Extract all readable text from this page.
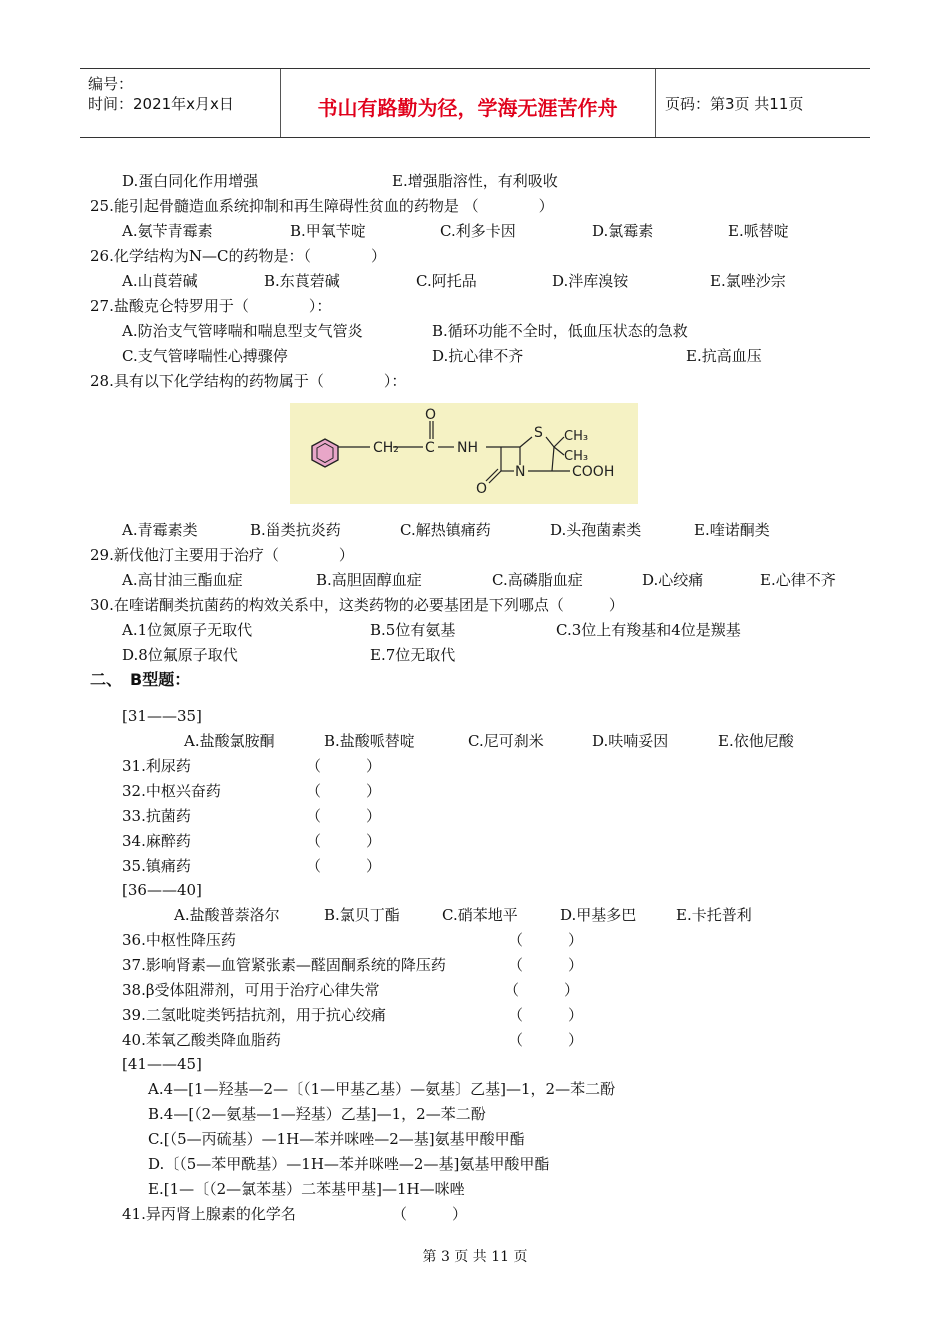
编号：
时间：2021年x月x日	书山有路勤为径，学海无涯苦作舟	页码：第3页 共11页
D.蛋白同化作用增强	E.增强脂溶性，有利吸收
25.能引起骨髓造血系统抑制和再生障碍性贫血的药物是 （　　　　）
A.氨苄青霉素	B.甲氧苄啶	C.利多卡因	D.氯霉素	E.哌替啶
26.化学结构为N—C的药物是：（　　　　）
A.山莨菪碱	B.东莨菪碱	C.阿托品	D.泮库溴铵	E.氯唑沙宗
27.盐酸克仑特罗用于（　　　　）：
A.防治支气管哮喘和喘息型支气管炎	B.循环功能不全时，低血压状态的急救
C.支气管哮喘性心搏骤停	D.抗心律不齐	E.抗高血压
28.具有以下化学结构的药物属于（　　　　）：
CH₂ C
O
NH
S CH₃
CH₃
N
O
COOH
A.青霉素类	B.甾类抗炎药	C.解热镇痛药	D.头孢菌素类	E.喹诺酮类
29.新伐他汀主要用于治疗（　　　　）
A.高甘油三酯血症	B.高胆固醇血症	C.高磷脂血症	D.心绞痛	E.心律不齐
30.在喹诺酮类抗菌药的构效关系中，这类药物的必要基团是下列哪点（　　　）
A.1位氮原子无取代	B.5位有氨基	C.3位上有羧基和4位是羰基
D.8位氟原子取代	E.7位无取代
二、　B型题：
[31——35]
A.盐酸氯胺酮	B.盐酸哌替啶	C.尼可刹米	D.呋喃妥因	E.依他尼酸
31.利尿药	（　　　）
32.中枢兴奋药	（　　　）
33.抗菌药	（　　　）
34.麻醉药	（　　　）
35.镇痛药	（　　　）
[36——40]
A.盐酸普萘洛尔	B.氯贝丁酯	C.硝苯地平	D.甲基多巴	E.卡托普利
36.中枢性降压药	（　　　）
37.影响肾素—血管紧张素—醛固酮系统的降压药	（　　　）
38.β受体阻滞剂，可用于治疗心律失常	（　　　）
39.二氢吡啶类钙拮抗剂，用于抗心绞痛	（　　　）
40.苯氧乙酸类降血脂药	（　　　）
[41——45]
A.4—[1—羟基—2—〔（1—甲基乙基）—氨基〕乙基]—1，2—苯二酚
B.4—[（2—氨基—1—羟基）乙基]—1，2—苯二酚
C.[（5—丙硫基）—1H—苯并咪唑—2—基]氨基甲酸甲酯
D.〔（5—苯甲酰基）—1H—苯并咪唑—2—基]氨基甲酸甲酯
E.[1—〔（2—氯苯基）二苯基甲基]—1H—咪唑
41.异丙肾上腺素的化学名	（　　　）
第 3 页 共 11 页
